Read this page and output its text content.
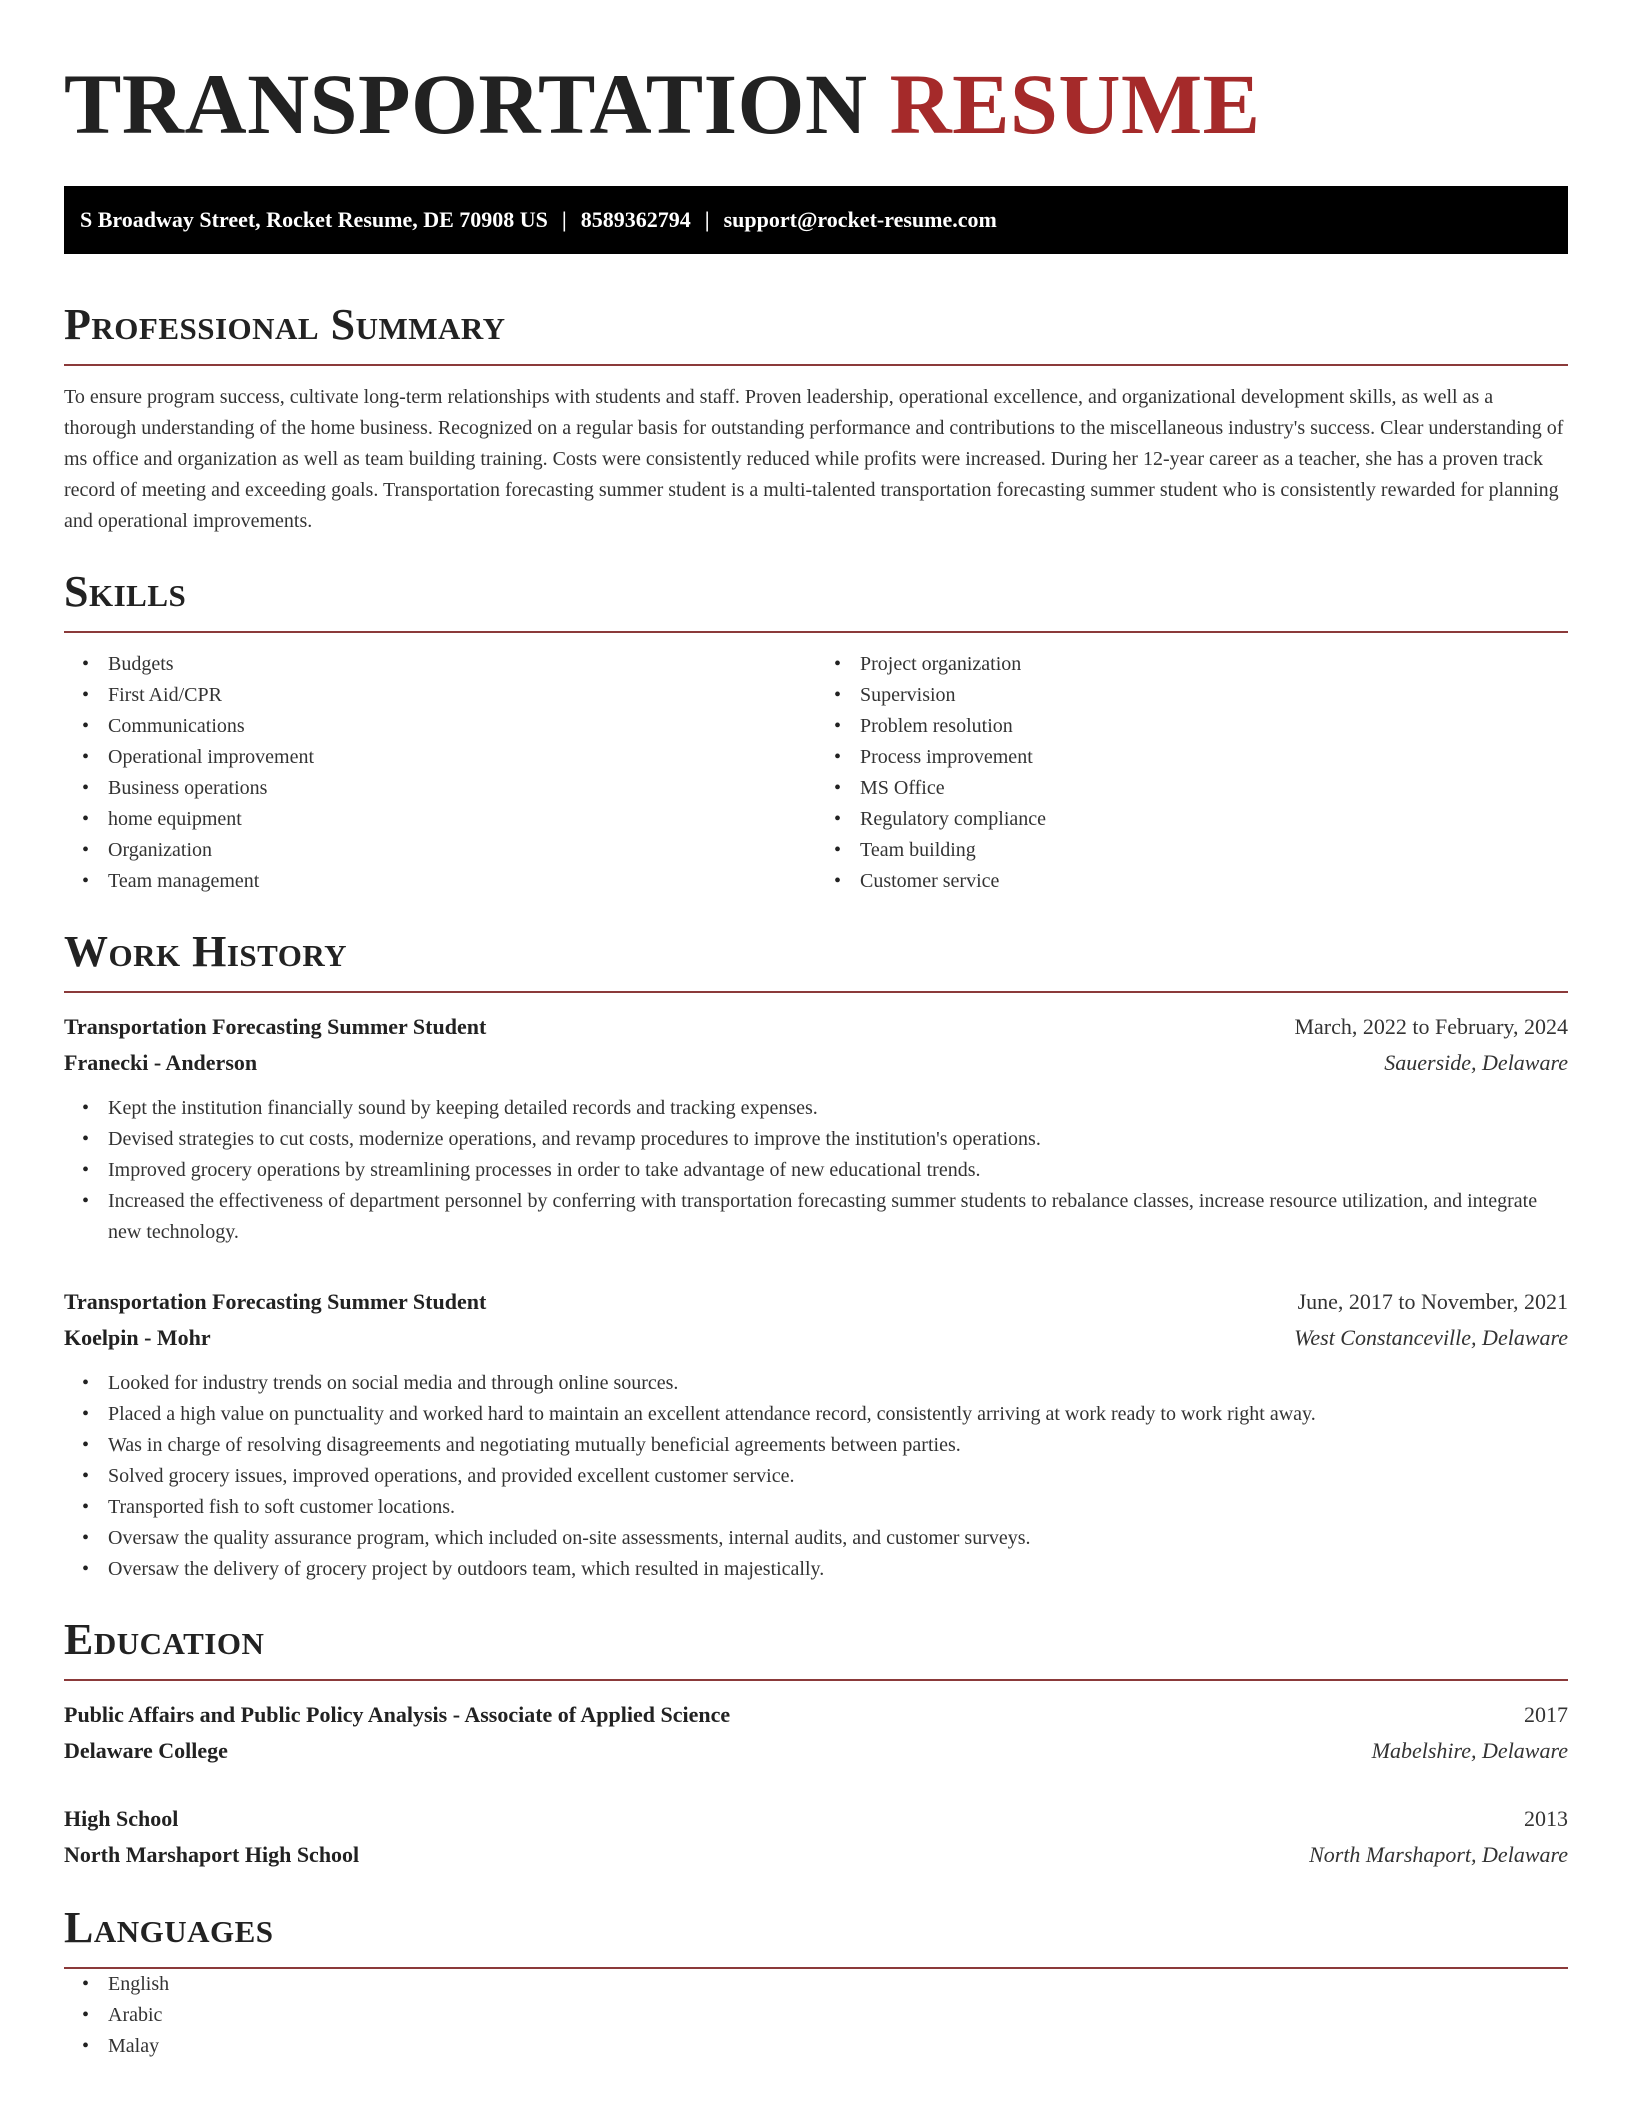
TRANSPORTATION RESUME
S Broadway Street, Rocket Resume, DE 70908 US | 8589362794 | support@rocket-resume.com
Professional Summary

To ensure program success, cultivate long-term relationships with students and staff. Proven leadership, operational excellence, and organizational development skills, as well as a thorough understanding of the home business. Recognized on a regular basis for outstanding performance and contributions to the miscellaneous industry's success. Clear understanding of ms office and organization as well as team building training. Costs were consistently reduced while profits were increased. During her 12-year career as a teacher, she has a proven track record of meeting and exceeding goals. Transportation forecasting summer student is a multi-talented transportation forecasting summer student who is consistently rewarded for planning and operational improvements.

Skills
• Budgets
• First Aid/CPR
• Communications
• Operational improvement
• Business operations
• home equipment
• Organization
• Team management
• Project organization
• Supervision
• Problem resolution
• Process improvement
• MS Office
• Regulatory compliance
• Team building
• Customer service
Work History
Transportation Forecasting Summer Student	March, 2022 to February, 2024
Franecki - Anderson	Sauerside, Delaware
• Kept the institution financially sound by keeping detailed records and tracking expenses.
• Devised strategies to cut costs, modernize operations, and revamp procedures to improve the institution's operations.
• Improved grocery operations by streamlining processes in order to take advantage of new educational trends.
• Increased the effectiveness of department personnel by conferring with transportation forecasting summer students to rebalance classes, increase resource utilization, and integrate new technology.
Transportation Forecasting Summer Student	June, 2017 to November, 2021
Koelpin - Mohr	West Constanceville, Delaware
• Looked for industry trends on social media and through online sources.
• Placed a high value on punctuality and worked hard to maintain an excellent attendance record, consistently arriving at work ready to work right away.
• Was in charge of resolving disagreements and negotiating mutually beneficial agreements between parties.
• Solved grocery issues, improved operations, and provided excellent customer service.
• Transported fish to soft customer locations.
• Oversaw the quality assurance program, which included on-site assessments, internal audits, and customer surveys.
• Oversaw the delivery of grocery project by outdoors team, which resulted in majestically.
Education
Public Affairs and Public Policy Analysis - Associate of Applied Science	2017
Delaware College	Mabelshire, Delaware
High School	2013
North Marshaport High School	North Marshaport, Delaware
Languages
• English
• Arabic
• Malay
